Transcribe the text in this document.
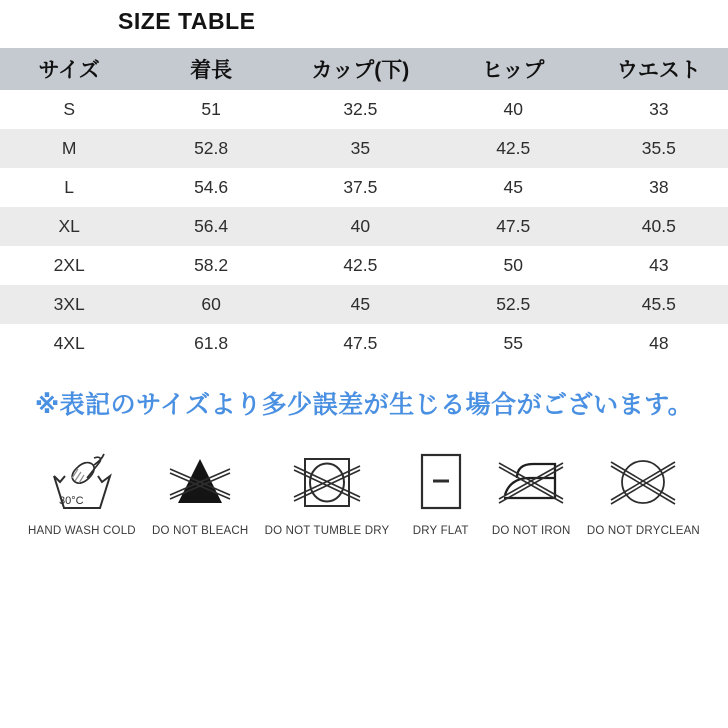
SIZE TABLE
サイズ	着長	カップ(下)	ヒップ	ウエスト
S	51	32.5	40	33
M	52.8	35	42.5	35.5
L	54.6	37.5	45	38
XL	56.4	40	47.5	40.5
2XL	58.2	42.5	50	43
3XL	60	45	52.5	45.5
4XL	61.8	47.5	55	48
※表記のサイズより多少誤差が生じる場合がございます。
30°C
HAND WASH COLD DO NOT BLEACH DO NOT TUMBLE DRY DRY FLAT DO NOT IRON DO NOT DRYCLEAN
